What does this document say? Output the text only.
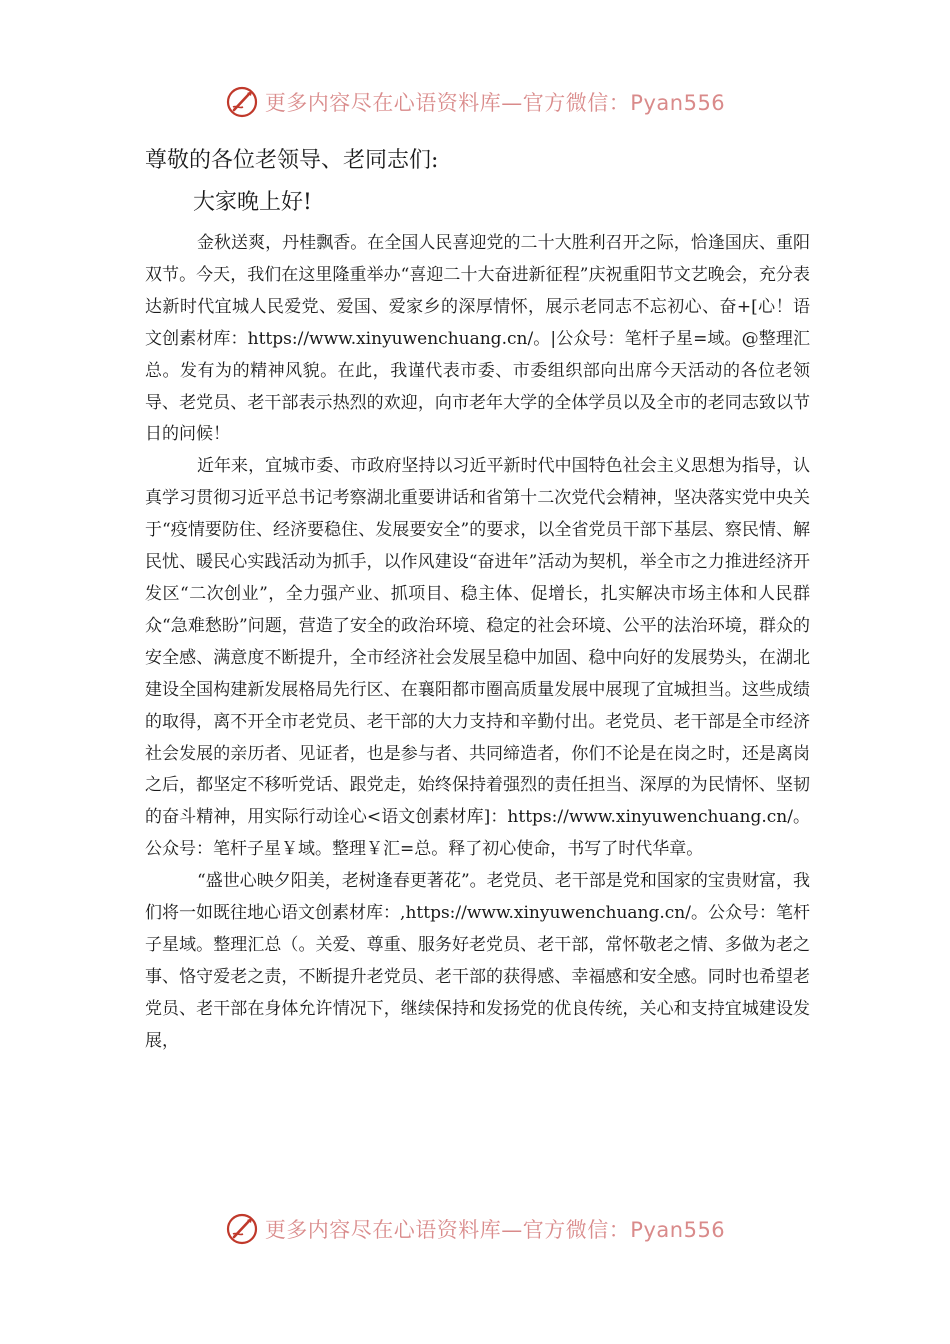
更多内容尽在心语资料库—官方微信：Pyan556

尊敬的各位老领导、老同志们:

大家晚上好!

金秋送爽，丹桂飘香。在全国人民喜迎党的二十大胜利召开之际，恰逢国庆、重阳双节。今天，我们在这里隆重举办“喜迎二十大奋进新征程”庆祝重阳节文艺晚会，充分表达新时代宜城人民爱党、爱国、爱家乡的深厚情怀，展示老同志不忘初心、奋+[心！语文创素材库：https://www.xinyuwenchuang.cn/。|公众号：笔杆子星=域。@整理汇总。发有为的精神风貌。在此，我谨代表市委、市委组织部向出席今天活动的各位老领导、老党员、老干部表示热烈的欢迎，向市老年大学的全体学员以及全市的老同志致以节日的问候！

近年来，宜城市委、市政府坚持以习近平新时代中国特色社会主义思想为指导，认真学习贯彻习近平总书记考察湖北重要讲话和省第十二次党代会精神，坚决落实党中央关于“疫情要防住、经济要稳住、发展要安全”的要求，以全省党员干部下基层、察民情、解民忧、暖民心实践活动为抓手，以作风建设“奋进年”活动为契机，举全市之力推进经济开发区“二次创业”，全力强产业、抓项目、稳主体、促增长，扎实解决市场主体和人民群众“急难愁盼”问题，营造了安全的政治环境、稳定的社会环境、公平的法治环境，群众的安全感、满意度不断提升，全市经济社会发展呈稳中加固、稳中向好的发展势头，在湖北建设全国构建新发展格局先行区、在襄阳都市圈高质量发展中展现了宜城担当。这些成绩的取得，离不开全市老党员、老干部的大力支持和辛勤付出。老党员、老干部是全市经济社会发展的亲历者、见证者，也是参与者、共同缔造者，你们不论是在岗之时，还是离岗之后，都坚定不移听党话、跟党走，始终保持着强烈的责任担当、深厚的为民情怀、坚韧的奋斗精神，用实际行动诠心<语文创素材库]：https://www.xinyuwenchuang.cn/。公众号：笔杆子星￥域。整理￥汇=总。释了初心使命，书写了时代华章。

“盛世心映夕阳美，老树逢春更著花”。老党员、老干部是党和国家的宝贵财富，我们将一如既往地心语文创素材库：,https://www.xinyuwenchuang.cn/。公众号：笔杆子星域。整理汇总（。关爱、尊重、服务好老党员、老干部，常怀敬老之情、多做为老之事、恪守爱老之责，不断提升老党员、老干部的获得感、幸福感和安全感。同时也希望老党员、老干部在身体允许情况下，继续保持和发扬党的优良传统，关心和支持宜城建设发展，

更多内容尽在心语资料库—官方微信：Pyan556
